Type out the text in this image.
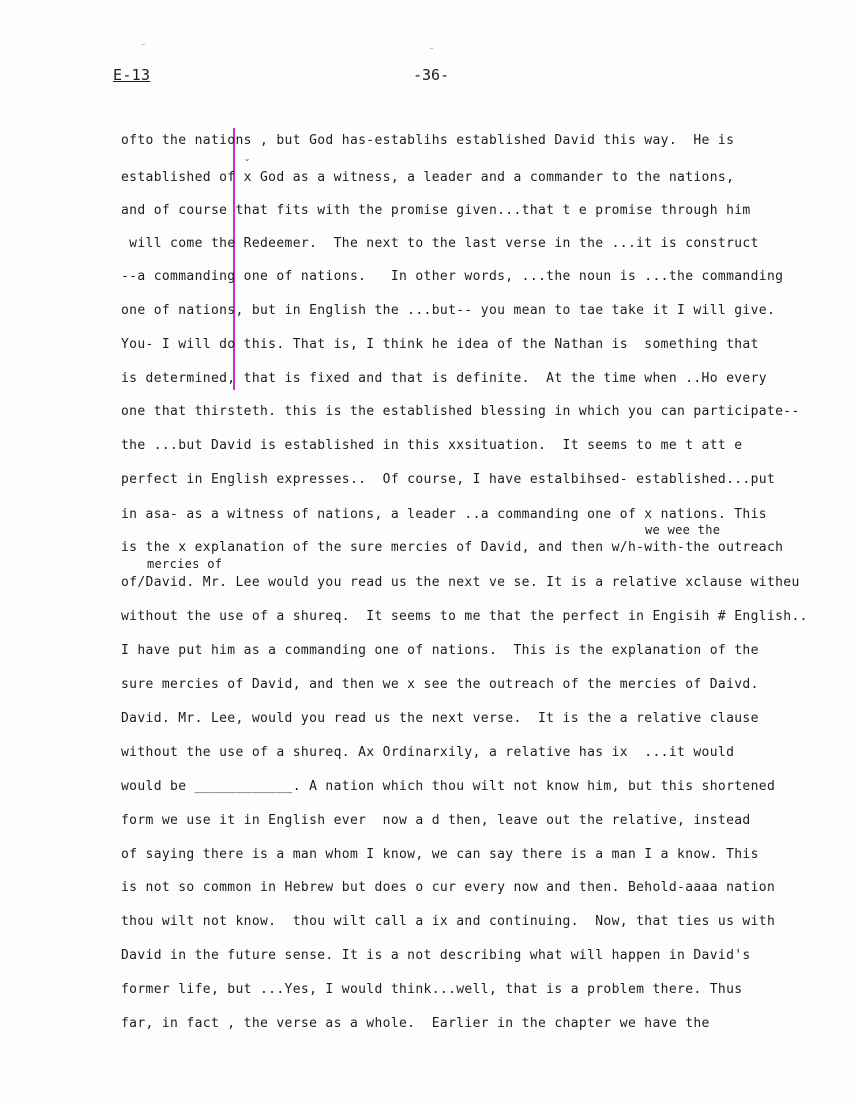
E-13	-36-
˘
ofto the nations , but God has-establihs established David this way.  He is
established of x God as a witness, a leader and a commander to the nations,
and of course that fits with the promise given...that t e promise through him
will come the Redeemer.  The next to the last verse in the ...it is construct
--a commanding one of nations.   In other words, ...the noun is ...the commanding
one of nations, but in English the ...but-- you mean to tae take it I will give.
You- I will do this. That is, I think he idea of the Nathan is  something that
is determined, that is fixed and that is definite.  At the time when ..Ho every
one that thirsteth. this is the established blessing in which you can participate--
the ...but David is established in this xxsituation.  It seems to me t att e
perfect in English expresses..  Of course, I have estalbihsed- established...put
in asa- as a witness of nations, a leader ..a commanding one of x nations. This
we wee the
is the x explanation of the sure mercies of David, and then w/h-with-the outreach
mercies of
of/David. Mr. Lee would you read us the next ve se. It is a relative xclause witheu
without the use of a shureq.  It seems to me that the perfect in Engisih # English..
I have put him as a commanding one of nations.  This is the explanation of the
sure mercies of David, and then we x see the outreach of the mercies of Daivd.
David. Mr. Lee, would you read us the next verse.  It is the a relative clause
without the use of a shureq. Ax Ordinarxily, a relative has ix  ...it would
would be ____________. A nation which thou wilt not know him, but this shortened
form we use it in English ever  now a d then, leave out the relative, instead
of saying there is a man whom I know, we can say there is a man I a know. This
is not so common in Hebrew but does o cur every now and then. Behold-aaaa nation
thou wilt not know.  thou wilt call a ix and continuing.  Now, that ties us with
David in the future sense. It is a not describing what will happen in David's
former life, but ...Yes, I would think...well, that is a problem there. Thus
far, in fact , the verse as a whole.  Earlier in the chapter we have the
